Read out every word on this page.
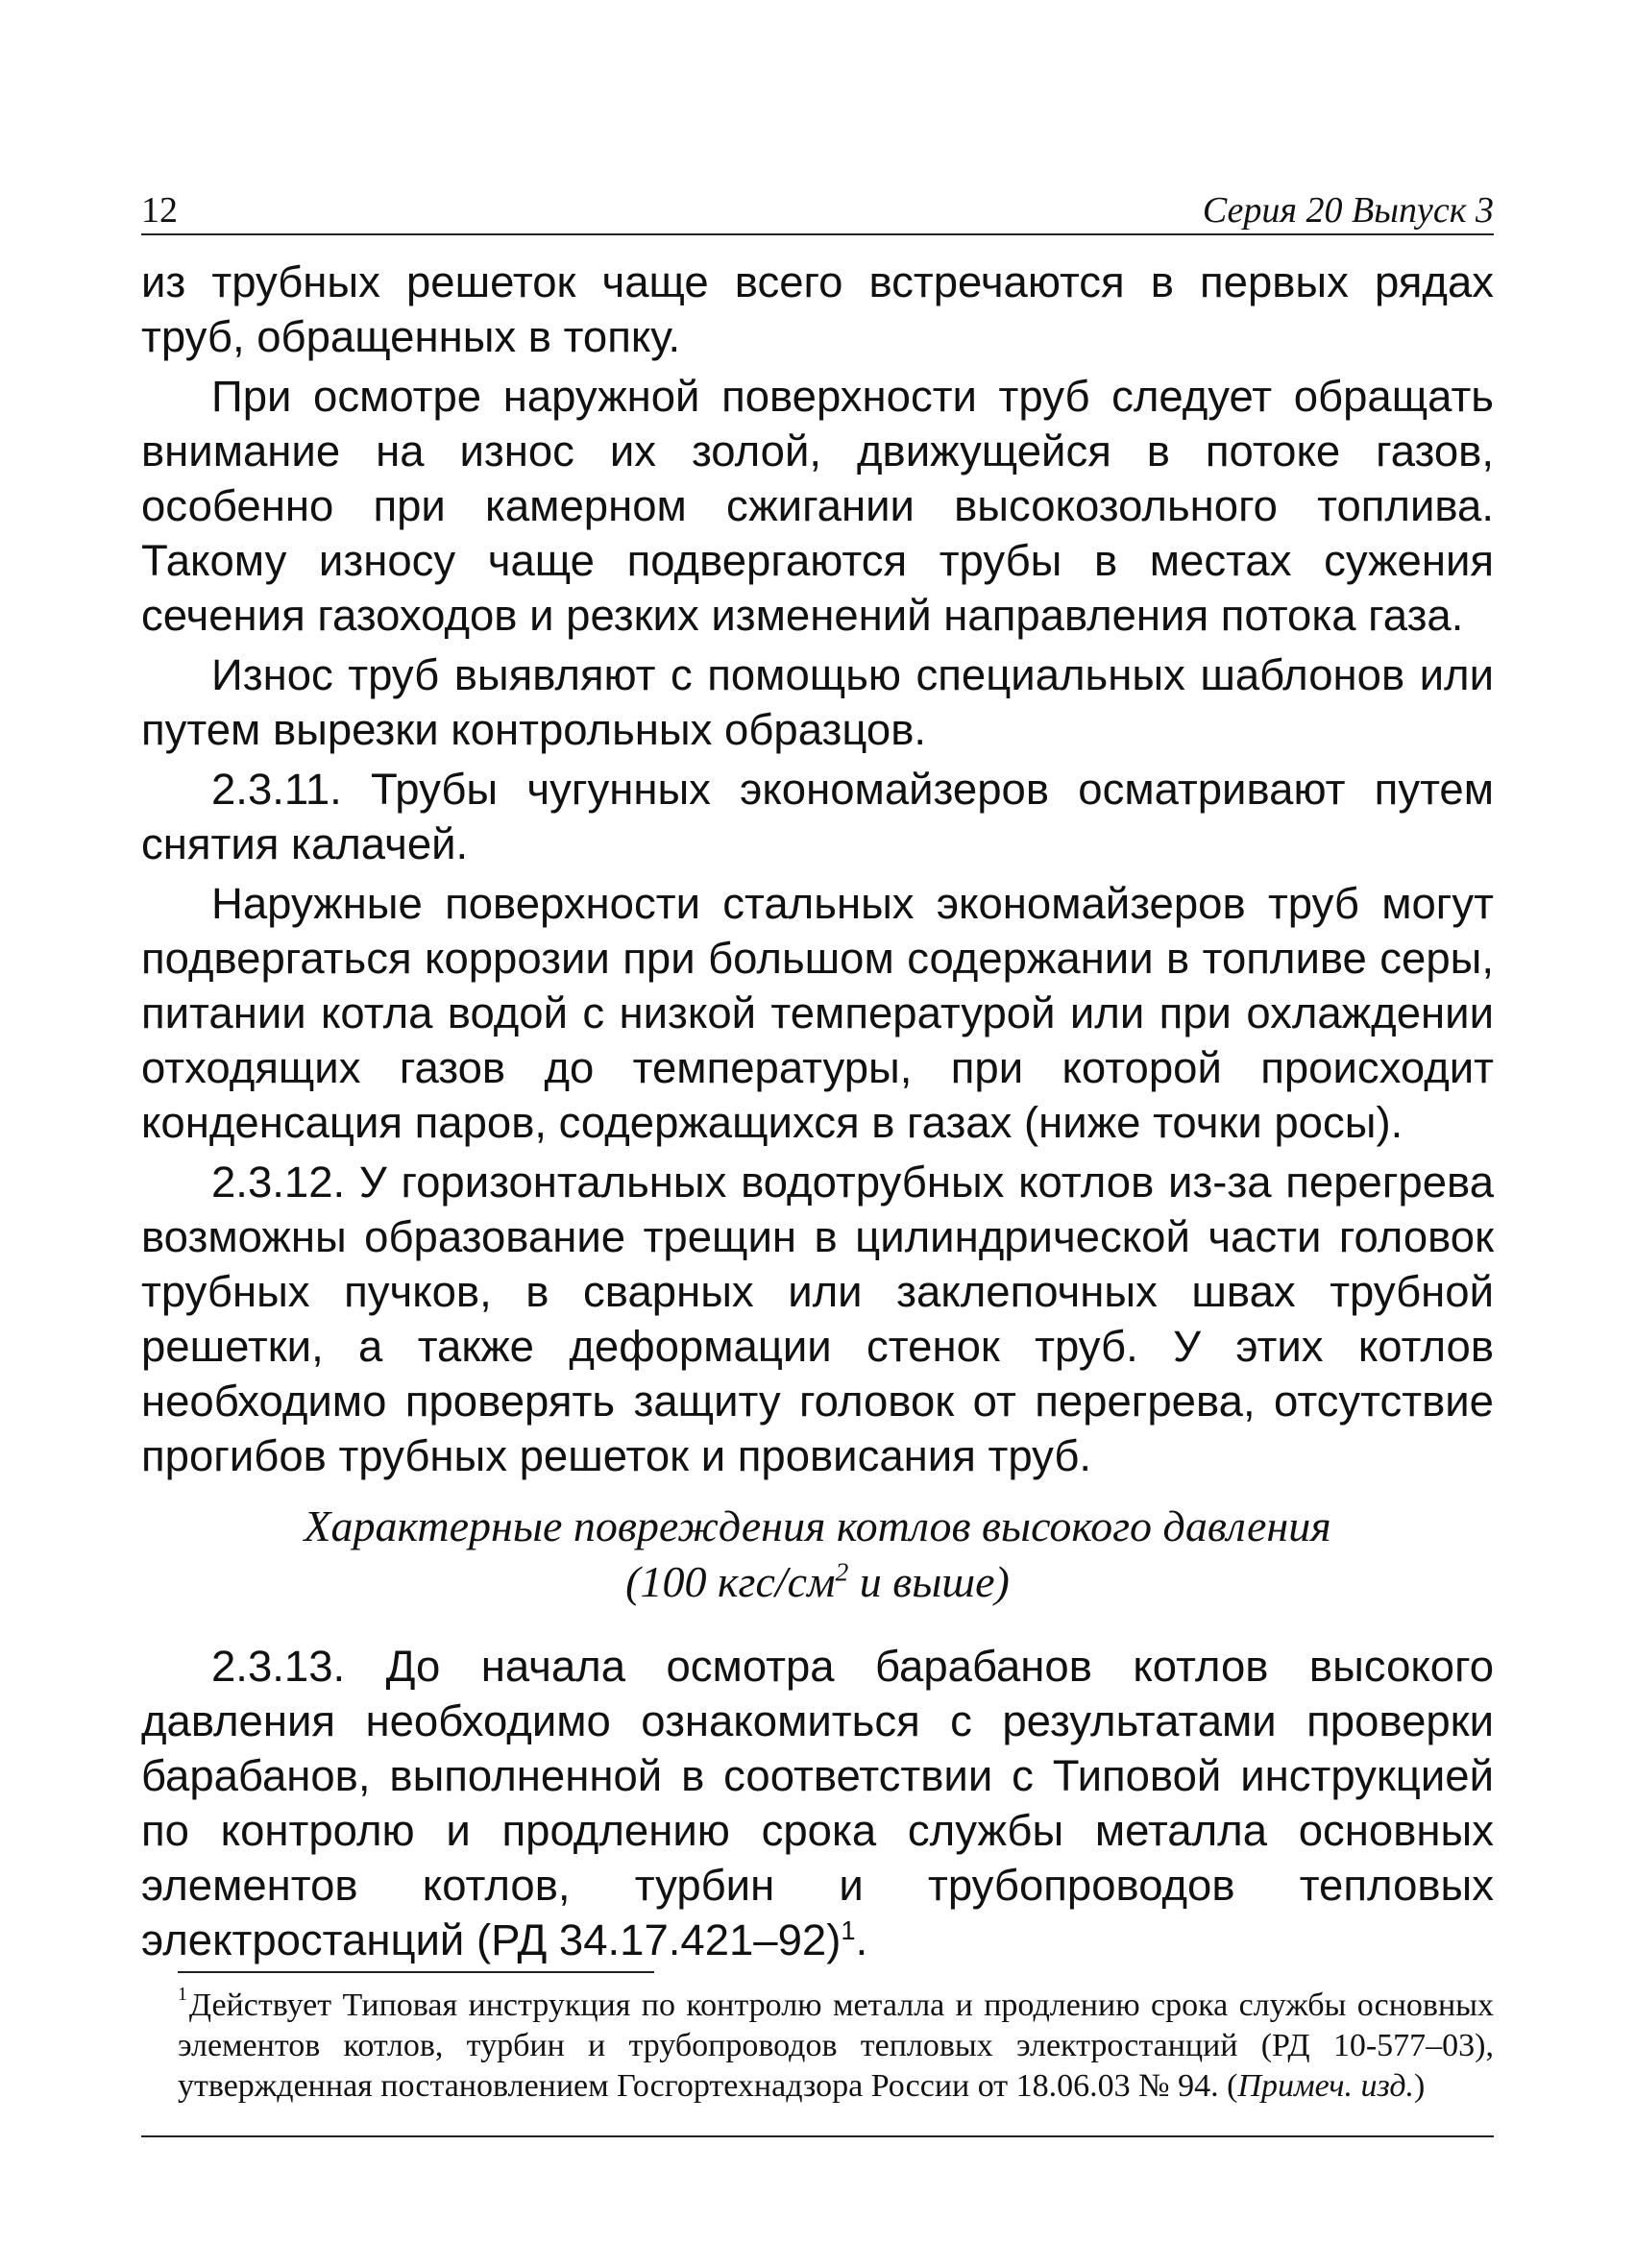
12	Серия 20 Выпуск 3

из трубных решеток чаще всего встречаются в первых рядах труб, обращенных в топку.

При осмотре наружной поверхности труб следует обращать внимание на износ их золой, движущейся в потоке газов, особенно при камерном сжигании высокозольного топлива. Такому износу чаще подвергаются трубы в местах сужения сечения газоходов и резких изменений направления потока газа.

Износ труб выявляют с помощью специальных шаблонов или путем вырезки контрольных образцов.

2.3.11. Трубы чугунных экономайзеров осматривают путем снятия калачей.

Наружные поверхности стальных экономайзеров труб могут подвергаться коррозии при большом содержании в топливе серы, питании котла водой с низкой температурой или при охлаждении отходящих газов до температуры, при которой происходит конденсация паров, содержащихся в газах (ниже точки росы).

2.3.12. У горизонтальных водотрубных котлов из-за перегрева возможны образование трещин в цилиндрической части головок трубных пучков, в сварных или заклепочных швах трубной решетки, а также деформации стенок труб. У этих котлов необходимо проверять защиту головок от перегрева, отсутствие прогибов трубных решеток и провисания труб.

Характерные повреждения котлов высокого давления
(100 кгс/$см^2$ и выше)

2.3.13. До начала осмотра барабанов котлов высокого давления необходимо ознакомиться с результатами проверки барабанов, выполненной в соответствии с Типовой инструкцией по контролю и продлению срока службы металла основных элементов котлов, турбин и трубопроводов тепловых электростанций (РД 34.17.421–92)$^1$.

$^1$Действует Типовая инструкция по контролю металла и продлению срока службы основных элементов котлов, турбин и трубопроводов тепловых электростанций (РД 10-577–03), утвержденная постановлением Госгортехнадзора России от 18.06.03 № 94. (Примеч. изд.)
